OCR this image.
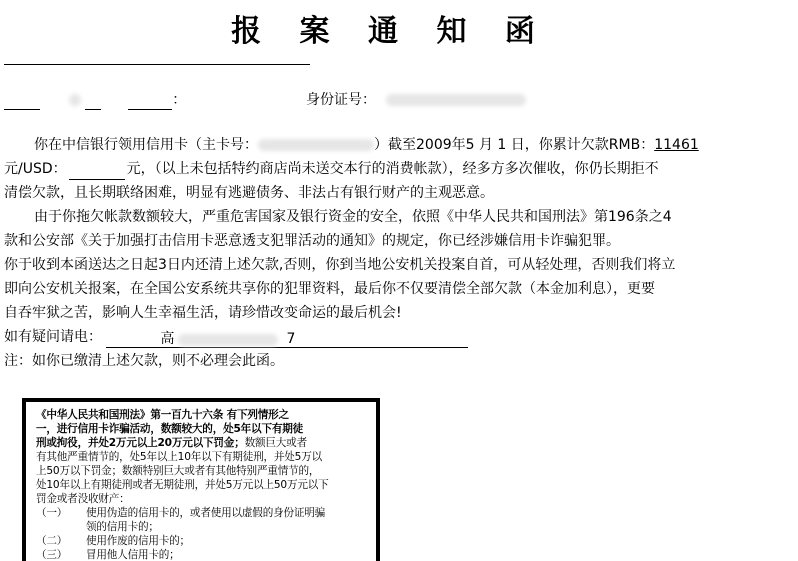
报 案 通 知 函
：	身份证号：
你在中信银行领用信用卡（主卡号：	）截至2009年5 月 1 日，你累计欠款RMB：11461
元/USD：	元，（以上未包括特约商店尚未送交本行的消费帐款），经多方多次催收，你仍长期拒不
清偿欠款，且长期联络困难，明显有逃避债务、非法占有银行财产的主观恶意。
由于你拖欠帐款数额较大，严重危害国家及银行资金的安全，依照《中华人民共和国刑法》第196条之4
款和公安部《关于加强打击信用卡恶意透支犯罪活动的通知》的规定，你已经涉嫌信用卡诈骗犯罪。
你于收到本函送达之日起3日内还清上述欠款,否则，你到当地公安机关投案自首，可从轻处理，否则我们将立
即向公安机关报案，在全国公安系统共享你的犯罪资料，最后你不仅要清偿全部欠款（本金加利息），更要
自吞牢狱之苦，影响人生幸福生活，请珍惜改变命运的最后机会!
如有疑问请电：	高	7
注：如你已缴清上述欠款，则不必理会此函。
《中华人民共和国刑法》第一百九十六条 有下列情形之
一，进行信用卡诈骗活动，数额较大的，处5年以下有期徒
刑或拘役，并处2万元以上20万元以下罚金；数额巨大或者
有其他严重情节的，处5年以上10年以下有期徒刑，并处5万以
上50万以下罚金；数额特别巨大或者有其他特别严重情节的，
处10年以上有期徒刑或者无期徒刑，并处5万元以上50万元以下
罚金或者没收财产：
（一） 使用伪造的信用卡的，或者使用以虚假的身份证明骗
领的信用卡的；
（二） 使用作废的信用卡的；
（三） 冒用他人信用卡的；
